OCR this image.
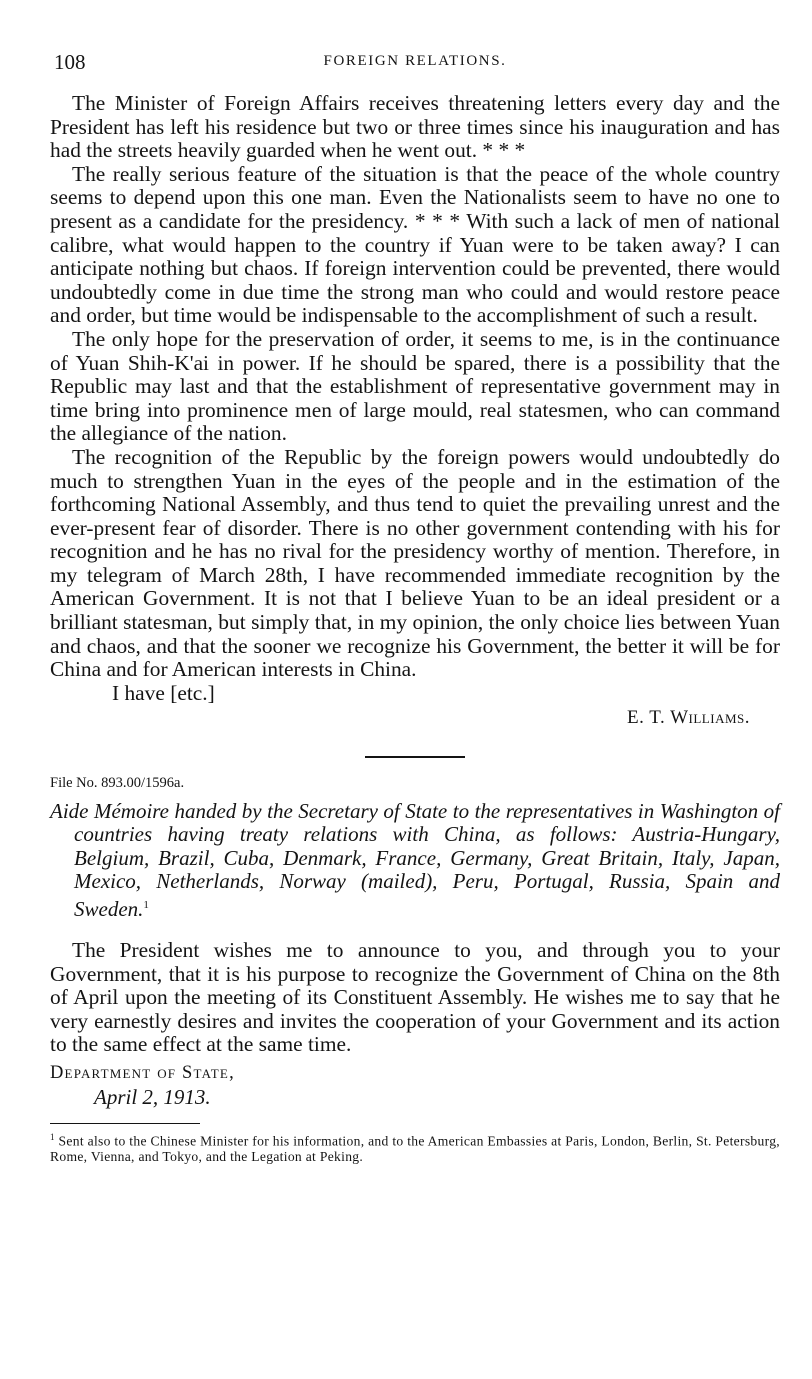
108	FOREIGN RELATIONS.

The Minister of Foreign Affairs receives threatening letters every day and the President has left his residence but two or three times since his inauguration and has had the streets heavily guarded when he went out. * * *

The really serious feature of the situation is that the peace of the whole country seems to depend upon this one man. Even the Nationalists seem to have no one to present as a candidate for the presidency. * * * With such a lack of men of national calibre, what would happen to the country if Yuan were to be taken away? I can anticipate nothing but chaos. If foreign intervention could be prevented, there would undoubtedly come in due time the strong man who could and would restore peace and order, but time would be indispensable to the accomplishment of such a result.

The only hope for the preservation of order, it seems to me, is in the continuance of Yuan Shih-K'ai in power. If he should be spared, there is a possibility that the Republic may last and that the establishment of representative government may in time bring into prominence men of large mould, real statesmen, who can command the allegiance of the nation.

The recognition of the Republic by the foreign powers would undoubtedly do much to strengthen Yuan in the eyes of the people and in the estimation of the forthcoming National Assembly, and thus tend to quiet the prevailing unrest and the ever-present fear of disorder. There is no other government contending with his for recognition and he has no rival for the presidency worthy of mention. Therefore, in my telegram of March 28th, I have recommended immediate recognition by the American Government. It is not that I believe Yuan to be an ideal president or a brilliant statesman, but simply that, in my opinion, the only choice lies between Yuan and chaos, and that the sooner we recognize his Government, the better it will be for China and for American interests in China.

I have [etc.]
E. T. Williams.
File No. 893.00/1596a.

Aide Mémoire handed by the Secretary of State to the representatives in Washington of countries having treaty relations with China, as follows: Austria-Hungary, Belgium, Brazil, Cuba, Denmark, France, Germany, Great Britain, Italy, Japan, Mexico, Netherlands, Norway (mailed), Peru, Portugal, Russia, Spain and Sweden.$^1$

The President wishes me to announce to you, and through you to your Government, that it is his purpose to recognize the Government of China on the 8th of April upon the meeting of its Constituent Assembly. He wishes me to say that he very earnestly desires and invites the cooperation of your Government and its action to the same effect at the same time.

Department of State,
April 2, 1913.

$^1$ Sent also to the Chinese Minister for his information, and to the American Embassies at Paris, London, Berlin, St. Petersburg, Rome, Vienna, and Tokyo, and the Legation at Peking.
